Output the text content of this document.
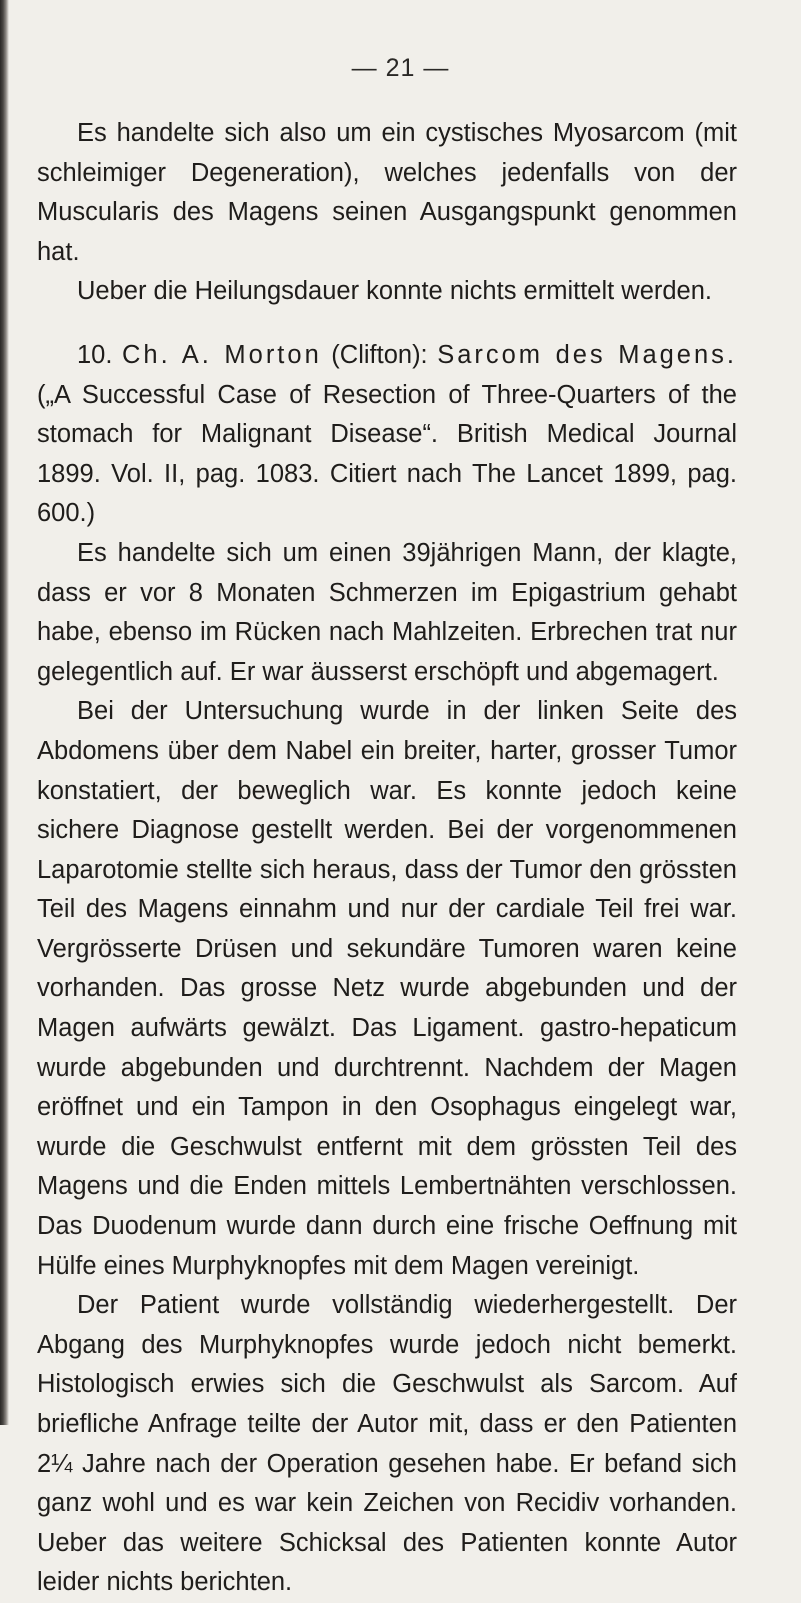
— 21 —

Es handelte sich also um ein cystisches Myosarcom (mit schleimiger Degeneration), welches jedenfalls von der Muscularis des Magens seinen Ausgangspunkt genommen hat.

Ueber die Heilungsdauer konnte nichts ermittelt werden.

10. Ch. A. Morton (Clifton): Sarcom des Magens. („A Successful Case of Resection of Three-Quarters of the stomach for Malignant Disease“. British Medical Journal 1899. Vol. II, pag. 1083. Citiert nach The Lancet 1899, pag. 600.)

Es handelte sich um einen 39jährigen Mann, der klagte, dass er vor 8 Monaten Schmerzen im Epigastrium gehabt habe, ebenso im Rücken nach Mahlzeiten. Erbrechen trat nur gelegentlich auf. Er war äusserst erschöpft und abgemagert.

Bei der Untersuchung wurde in der linken Seite des Abdomens über dem Nabel ein breiter, harter, grosser Tumor konstatiert, der beweglich war. Es konnte jedoch keine sichere Diagnose gestellt werden. Bei der vorgenommenen Laparotomie stellte sich heraus, dass der Tumor den grössten Teil des Magens einnahm und nur der cardiale Teil frei war. Vergrösserte Drüsen und sekundäre Tumoren waren keine vorhanden. Das grosse Netz wurde abgebunden und der Magen aufwärts gewälzt. Das Ligament. gastro-hepaticum wurde abgebunden und durchtrennt. Nachdem der Magen eröffnet und ein Tampon in den Osophagus eingelegt war, wurde die Geschwulst entfernt mit dem grössten Teil des Magens und die Enden mittels Lembertnähten verschlossen. Das Duodenum wurde dann durch eine frische Oeffnung mit Hülfe eines Murphyknopfes mit dem Magen vereinigt.

Der Patient wurde vollständig wiederhergestellt. Der Abgang des Murphyknopfes wurde jedoch nicht bemerkt. Histologisch erwies sich die Geschwulst als Sarcom. Auf briefliche Anfrage teilte der Autor mit, dass er den Patienten 2¼ Jahre nach der Operation gesehen habe. Er befand sich ganz wohl und es war kein Zeichen von Recidiv vorhanden. Ueber das weitere Schicksal des Patienten konnte Autor leider nichts berichten.
